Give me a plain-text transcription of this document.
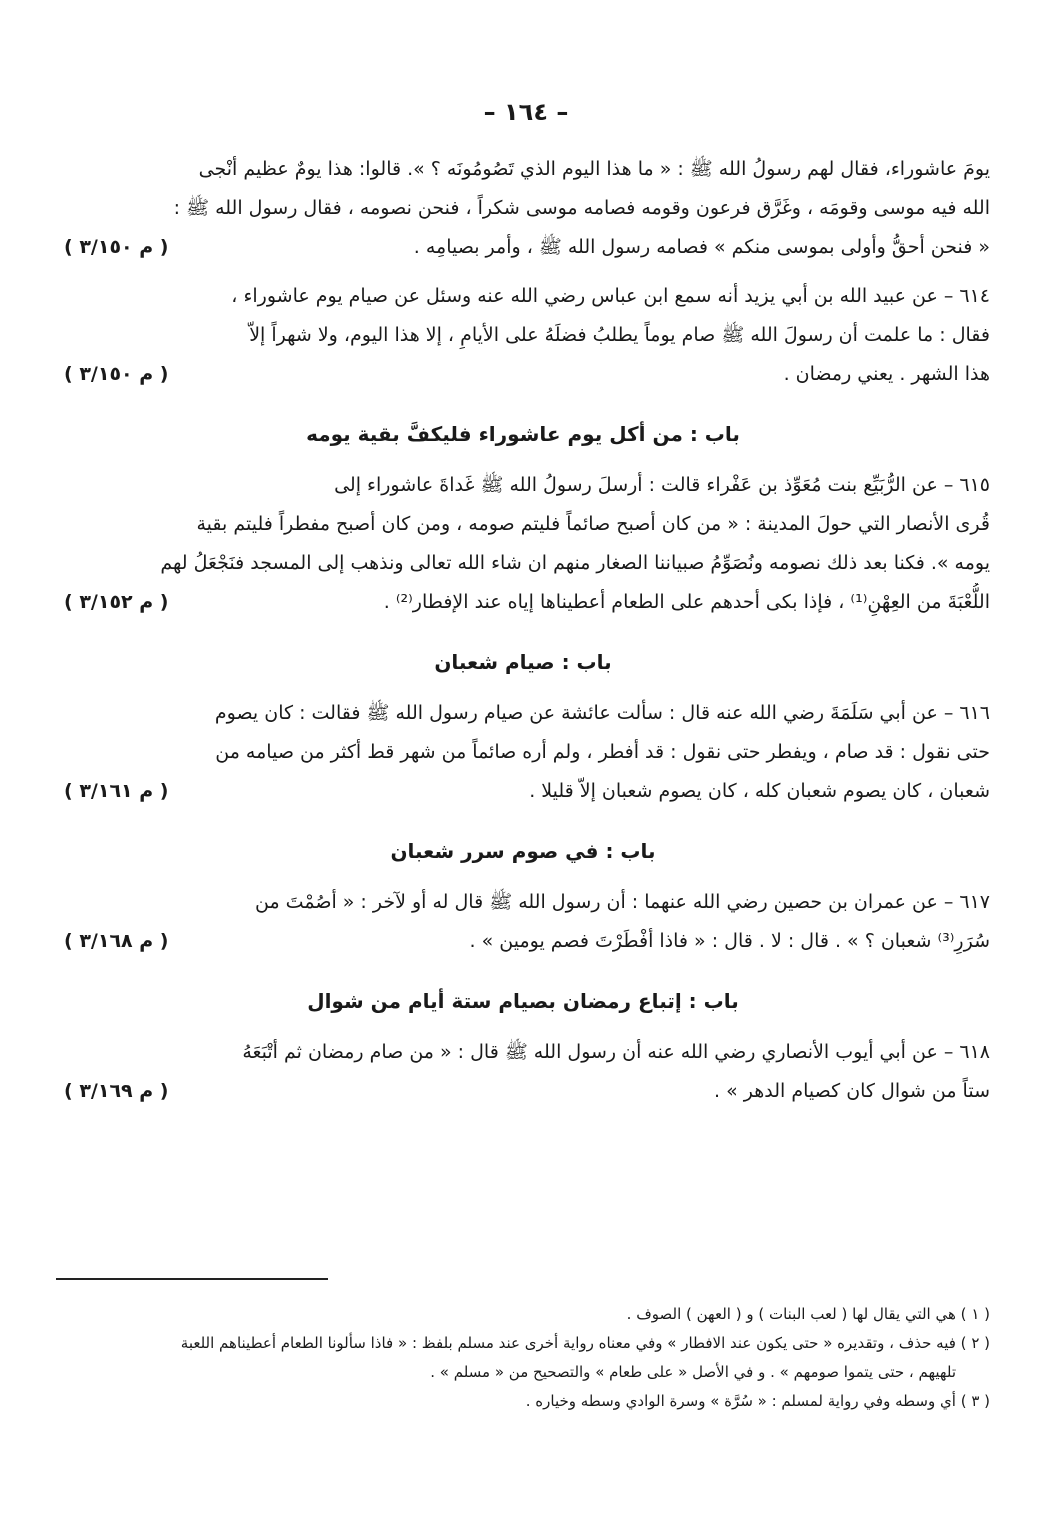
– ١٦٤ –
يومَ عاشوراء، فقال لهم رسولُ الله ﷺ : « ما هذا اليوم الذي تَصُومُونَه ؟ ». قالوا: هذا يومٌ عظيم أنْجى
الله فيه موسى وقومَه ، وغَرَّق فرعون وقومه فصامه موسى شكراً ، فنحن نصومه ، فقال رسول الله ﷺ :
« فنحن أحقُّ وأولى بموسى منكم » فصامه رسول الله ﷺ ، وأمر بصيامِه .
( م ٣/١٥٠ )
٦١٤ – عن عبيد الله بن أبي يزيد أنه سمع ابن عباس رضي الله عنه وسئل عن صيام يوم عاشوراء ،
فقال : ما علمت أن رسولَ الله ﷺ صام يوماً يطلبُ فضلَهُ على الأيامِ ، إلا هذا اليوم، ولا شهراً إلاّ
هذا الشهر . يعني رمضان .
( م ٣/١٥٠ )
باب : من أكل يوم عاشوراء فليكفَّ بقية يومه
٦١٥ – عن الرُّبَيِّع بنت مُعَوِّذ بن عَفْراء قالت : أرسلَ رسولُ الله ﷺ غَداةَ عاشوراء إلى
قُرى الأنصار التي حولَ المدينة : « من كان أصبح صائماً فليتم صومه ، ومن كان أصبح مفطراً فليتم بقية
يومه ». فكنا بعد ذلك نصومه ونُصَوِّمُ صبياننا الصغار منهم ان شاء الله تعالى ونذهب إلى المسجد فنَجْعَلُ لهم
اللُّعْبَةَ من العِهْنِ⁽¹⁾ ، فإذا بكى أحدهم على الطعام أعطيناها إياه عند الإفطار⁽²⁾ .
( م ٣/١٥٢ )
باب : صيام شعبان
٦١٦ – عن أبي سَلَمَةَ رضي الله عنه قال : سألت عائشة عن صيام رسول الله ﷺ فقالت : كان يصوم
حتى نقول : قد صام ، ويفطر حتى نقول : قد أفطر ، ولم أره صائماً من شهر قط أكثر من صيامه من
شعبان ، كان يصوم شعبان كله ، كان يصوم شعبان إلاّ قليلا .
( م ٣/١٦١ )
باب : في صوم سرر شعبان
٦١٧ – عن عمران بن حصين رضي الله عنهما : أن رسول الله ﷺ قال له أو لآخر : « أصُمْتَ من
سُرَرِ⁽³⁾ شعبان ؟ » . قال : لا . قال : « فاذا أفْطَرْتَ فصم يومين » .
( م ٣/١٦٨ )
باب : إتباع رمضان بصيام ستة أيام من شوال
٦١٨ – عن أبي أيوب الأنصاري رضي الله عنه أن رسول الله ﷺ قال : « من صام رمضان ثم أتْبَعَهُ
ستاً من شوال كان كصيام الدهر » .
( م ٣/١٦٩ )
( ١ ) هي التي يقال لها ( لعب البنات ) و ( العهن ) الصوف .
( ٢ ) فيه حذف ، وتقديره « حتى يكون عند الافطار » وفي معناه رواية أخرى عند مسلم بلفظ : « فاذا سألونا الطعام أعطيناهم اللعبة
تلهيهم ، حتى يتموا صومهم » . و في الأصل « على طعام » والتصحيح من « مسلم » .
( ٣ ) أي وسطه وفي رواية لمسلم : « سُرَّة » وسرة الوادي وسطه وخياره .
